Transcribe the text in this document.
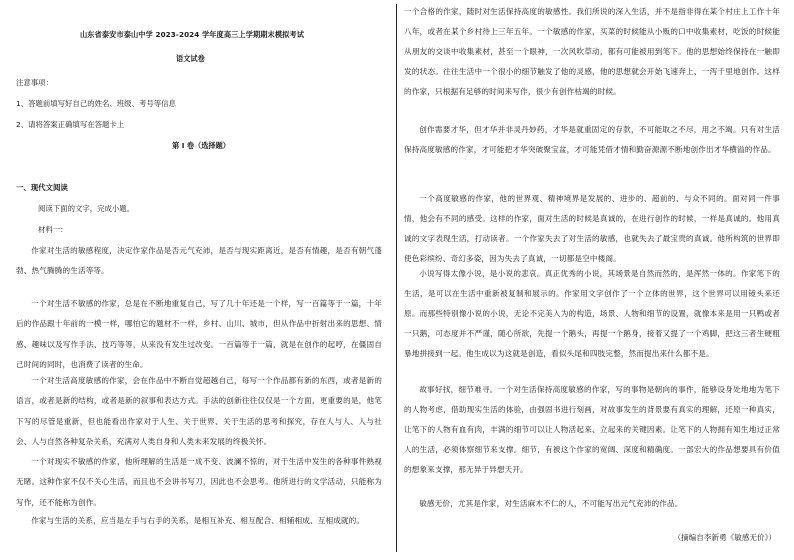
山东省泰安市泰山中学 2023-2024 学年度高三上学期期末模拟考试

语文试卷

注意事项：

1、答题前填写好自己的姓名、班级、考号等信息

2、请将答案正确填写在答题卡上

第 I 卷（选择题）

一、现代文阅读

阅读下面的文字，完成小题。

材料一：

作家对生活的敏感程度，决定作家作品是否元气充沛，是否与现实距离近，是否有情趣，是否有朝气蓬勃、热气腾腾的生活等等。

一个对生活不敏感的作家，总是在不断地重复自己，写了几十年还是一个样，写一百篇等于一篇，十年后的作品跟十年前的一模一样，哪怕它的题材不一样，乡村、山川、城市，但从作品中折射出来的思想、情感、趣味以及写作手法、技巧等等，从来没有发生过改变。一百篇等于一篇，就是在创作的起哼，在僵固自己时间的同时，也消费了读者的生命。

一个对生活高度敏感的作家，会在作品中不断自觉超越自己，每写一个作品都有新的东西，或者是新的语言，或者是新的结构，或者是新的叙事和表达方式。手法的创新往往仅仅是一个方面，更重要的是，他笔下写的尽管是重新，但也能看出作家对于人生、关于世界、关于生活的思考和探究，存在人与人、人与社会、人与自然各种复杂关系，充满对人类自身和人类未来发展的终极关怀。

一个对现实不敏感的作家，他所理解的生活是一成不变、波澜不惊的，对于生活中发生的各种事件熟视无睹。这种作家不仅不关心生活，而且也不会讲书写刀，因此也不会思考。他所进行的文学活动，只能称为写作，还不能称为创作。

作家与生活的关系，应当是左手与右手的关系，是相互补充、相互配合、相辅相成、互相成就的。

一个合格的作家，随时对生活保持高度的敏感性。我们所说的深入生活，并不是指非得在某个村庄上工作十年八年，或者在某个乡村待上三年五年。一个敏感的作家，买菜的时候能从小贩的口中收集素材，吃饭的时候能从朋友的交谈中收集素材，甚至一个眼神，一次风吹草动，都有可能被用到笔下。他的思想始终保持在一触即发的状态。往往生活中一个很小的细节触发了他的灵感，他的思想就会开始飞速奔上、一泻千里地创作。这样的作家，只根据有足够的时间来写作，很少有创作枯竭的时候。

创作需要才华，但才华并非灵丹妙药，才华是就重固定的存款，不可能取之不尽，用之不竭。只有对生活保持高度敏感的作家，才可能把才华突破聚宝盆，才可能凭借才情和勤奋源源不断地创作出才华横溢的作品。

一个高度敏感的作家，他的世界观、精神境界是发展的、进步的、超前的、与众不同的。面对同一件事情，他会有不同的感受。这样的作家，面对生活的时候是真诚的，在进行创作的时候，一样是真诚的。他用真诚的文字表现生活，打动读者。一个作家失去了对生活的敏感，也就失去了最宝贵的真诚。他所构筑的世界即使色彩缤纷、奇幻多姿，因为失去了真诚，一切都是空中楼阁。

小说写得太像小说，是小说的悲哀。真正优秀的小说，其场景是自然而然的，是浑然一体的。作家笔下的生活，是可以在生活中重新被复制和展示的。作家用文字创作了一个立体的世界，这个世界可以用镜头来还原。而那些特别像小说的小说，无论不完美入为的构造，场景、人物和细节的设置，就像本来是用一只鸭或者一只鹅，可态度并不严谨，随心所欲，先提一个鹅头，再提一个鹅身，接着又提了一个鸡脚，把这三者生硬粗暴地拼接到一起。他生成以为这就是创造，看似头尾和四肢完整，然而提出来什么都不是。

故事好找，细节难寻。一个对生活保持高度敏感的作家，写的事物是朝向的事件，能够设身处地地为笔下的人物考虑，借助现实生活的体验，由强固书进行刻画，对故事发生的背景要有真实的理解，还原一种真实，让笔下的人物有血有肉，丰满的细节可以让人物活起来、立起来的关键因素。让笔下的人物拥有知生地过正常人的生活，必须体察细节来支撑。细节，有被这个作家的宽阔、深度和精确度。一部宏大的作品想要具有价值的想象来支撑，那无异于异想天开。

敏感无价，尤其是作家，对生活麻木不仁的人，不可能写出元气充沛的作品。

（摘编自李新勇《敏感无价》）
